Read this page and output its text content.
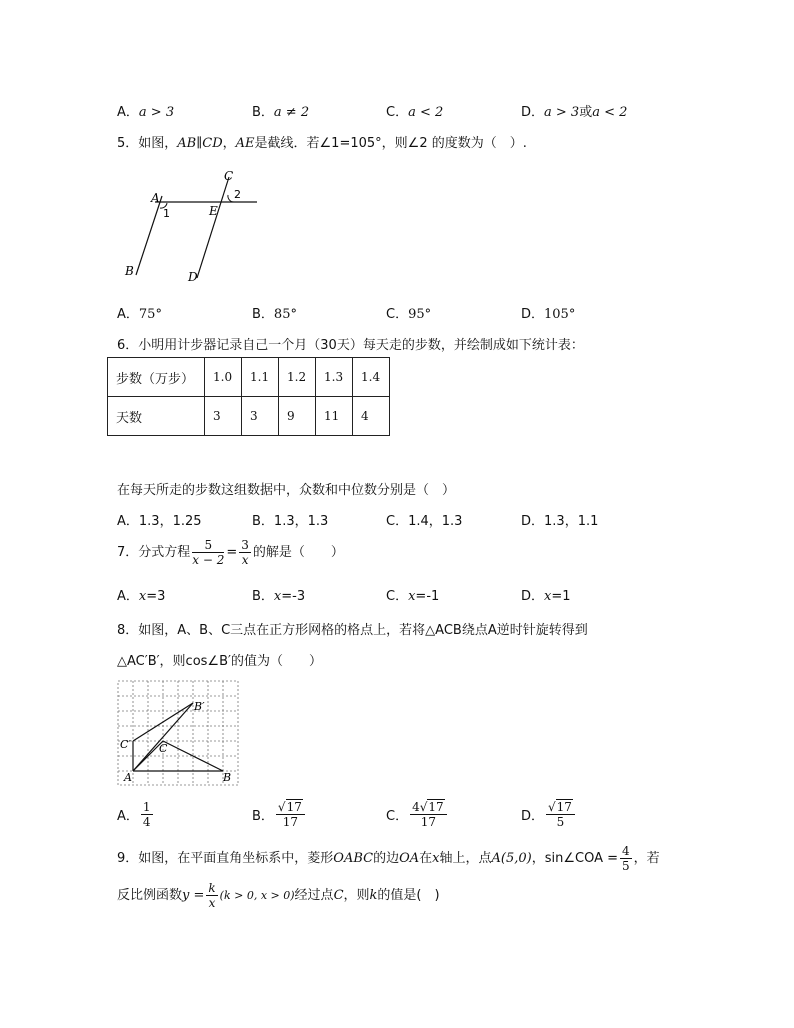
A．a > 3	B．a ≠ 2	C．a < 2	D．a > 3或a < 2
5．如图，AB∥CD，AE是截线．若∠1=105°，则∠2 的度数为（　）.
A
B
C
D
E
1
2
A．75°	B．85°	C．95°	D．105°
6．小明用计步器记录自己一个月（30天）每天走的步数，并绘制成如下统计表：
步数（万步）	1.0	1.1	1.2	1.3	1.4
天数	3	3	9	11	4
在每天所走的步数这组数据中，众数和中位数分别是（　）
A．1.3，1.25	B．1.3，1.3	C．1.4，1.3	D．1.3，1.1
7．分式方程 $\frac{5}{x - 2} = \frac{3}{x}$ 的解是（　　）
A．x=3	B．x=-3	C．x=-1	D．x=1
8．如图，A、B、C三点在正方形网格的格点上，若将△ACB绕点A逆时针旋转得到
△AC′B′，则cos∠B′的值为（　　）
A	B
C
C′
B′
A． $\frac{1}{4}$	B． $\frac{√17}{17}$	C． $\frac{4√17}{17}$	D． $\frac{√17}{5}$
9．如图，在平面直角坐标系中，菱形OABC的边OA在x轴上，点A(5,0)，sin∠COA = $\frac{4}{5}$ ，若
反比例函数$y = \frac{k}{x} (k > 0$, x > 0)经过点C，则k的值是(　)
